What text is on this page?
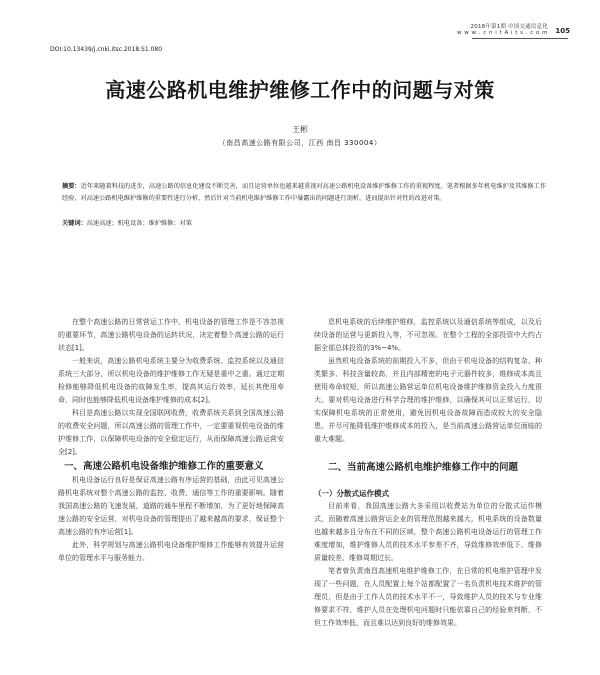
2018年第1期 中国交通信息化
w w w . c n i t A i t s . c o m 105
DOI:10.13439/j.cnki.itsc.2018.S1.080
高速公路机电维护维修工作中的问题与对策
王彬
（南昌高速公路有限公司，江西 南昌 330004）
摘要：近年来随着科技的进步，高速公路的信息化建设不断完善，而且运营单位也越来越重视对高速公路机电设备维护维修工作的重视程度。笔者根据多年机电维护及其维修工作经验，对高速公路机电维护维修的重要性进行分析，然后针对当前机电维护维修工作中暴露出的问题进行剖析，进而提出针对性的改进对策。
关键词：高速高速；机电设备；维护维修；对策

在整个高速公路的日常营运工作中，机电设备的管理工作是不容忽视的重要环节，高速公路机电设备的运转状况，决定着整个高速公路的运行状态[1]。

一般来说，高速公路机电系统主要分为收费系统、监控系统以及通信系统三大部分，所以机电设备的维护维修工作无疑是重中之重。通过定期检修能够降低机电设备的故障发生率，提高其运行效率，延长其使用寿命，同时也能够降低机电设备维护维修的成本[2]。

科目是高速公路以实现全国联网收费，收费系统关系到全国高速公路的收费安全问题，所以高速公路的管理工作中，一定要重视机电设备的维护维修工作，以保障机电设备的安全稳定运行，从而保障高速公路运营安全[2]。

一、高速公路机电设备维护维修工作的重要意义

机电设备运行良好是保证高速公路有序运营的基础，由此可见高速公路机电系统对整个高速公路的监控、收费、通信等工作的重要影响。随着我国高速公路的飞速发展，道路的通车里程不断增加，为了更好地保障高速公路的安全运营，对机电设备的管理提出了越来越高的要求，保证整个高速公路的有序运营[1]。

此外，科学规划与高速公路机电设备维护维修工作能够有效提升运营单位的管理水平与服务能力。

息机电系统的后续维护维修，监控系统以及通信系统等组成，以及后续设备的运营与更新投入等，不可忽视。在整个工程的全部投资中大约占据全部总体投资的3%~4%。

虽然机电设备系统的前期投入不多，但由于机电设备的结构复杂、种类繁多、科技含量较高，并且内部精密的电子元器件较多，维修成本高且使用寿命较短，所以高速公路营运单位机电设备维护维修资金投入力度很大。要对机电设备进行科学合理的维护维修，以确保其可以正常运行，切实保障机电系统的正常使用，避免因机电设备故障而造成较大的安全隐患，并尽可能降低维护维修成本的投入，是当前高速公路营运单位面临的重大难题。

二、当前高速公路机电维护维修工作中的问题

（一）分散式运作模式

目前来看，我国高速公路大多采用以收费站为单位的分散式运作模式，而随着高速公路营运企业的管理范围越来越大，机电系统的设备数量也越来越多且分布在不同的区域，整个高速公路机电设备运行的管理工作难度增加，维护维修人员的技术水平参差不齐，导致维修效率低下、维修质量较差、维修周期过长。

笔者曾负责南昌高速机电维护维修工作，在日常的机电维护管理中发现了一些问题，在人员配置上每个站都配置了一名负责机电技术维护的管理员，但是由于工作人员的技术水平不一，导致维护人员的技术与专业维修要求不符，维护人员在处理机电问题时只能依靠自己的经验来判断，不但工作效率低，而且难以达到良好的维修效果。
